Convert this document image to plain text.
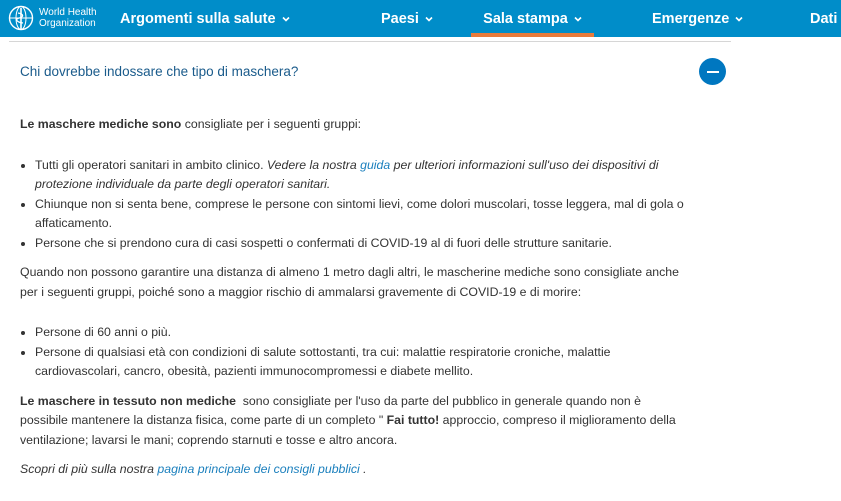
World Health
Organization Argomenti sulla salute	Paesi	Sala stampa	Emergenze	Dati
Chi dovrebbe indossare che tipo di maschera?

Le maschere mediche sono consigliate per i seguenti gruppi:

• Tutti gli operatori sanitari in ambito clinico. Vedere la nostra guida per ulteriori informazioni sull'uso dei dispositivi di protezione individuale da parte degli operatori sanitari.
• Chiunque non si senta bene, comprese le persone con sintomi lievi, come dolori muscolari, tosse leggera, mal di gola o affaticamento.
• Persone che si prendono cura di casi sospetti o confermati di COVID-19 al di fuori delle strutture sanitarie.

Quando non possono garantire una distanza di almeno 1 metro dagli altri, le mascherine mediche sono consigliate anche per i seguenti gruppi, poiché sono a maggior rischio di ammalarsi gravemente di COVID-19 e di morire:

• Persone di 60 anni o più.
• Persone di qualsiasi età con condizioni di salute sottostanti, tra cui: malattie respiratorie croniche, malattie cardiovascolari, cancro, obesità, pazienti immunocompromessi e diabete mellito.

Le maschere in tessuto non mediche  sono consigliate per l'uso da parte del pubblico in generale quando non è possibile mantenere la distanza fisica, come parte di un completo " Fai tutto! approccio, compreso il miglioramento della ventilazione; lavarsi le mani; coprendo starnuti e tosse e altro ancora.

Scopri di più sulla nostra pagina principale dei consigli pubblici .
